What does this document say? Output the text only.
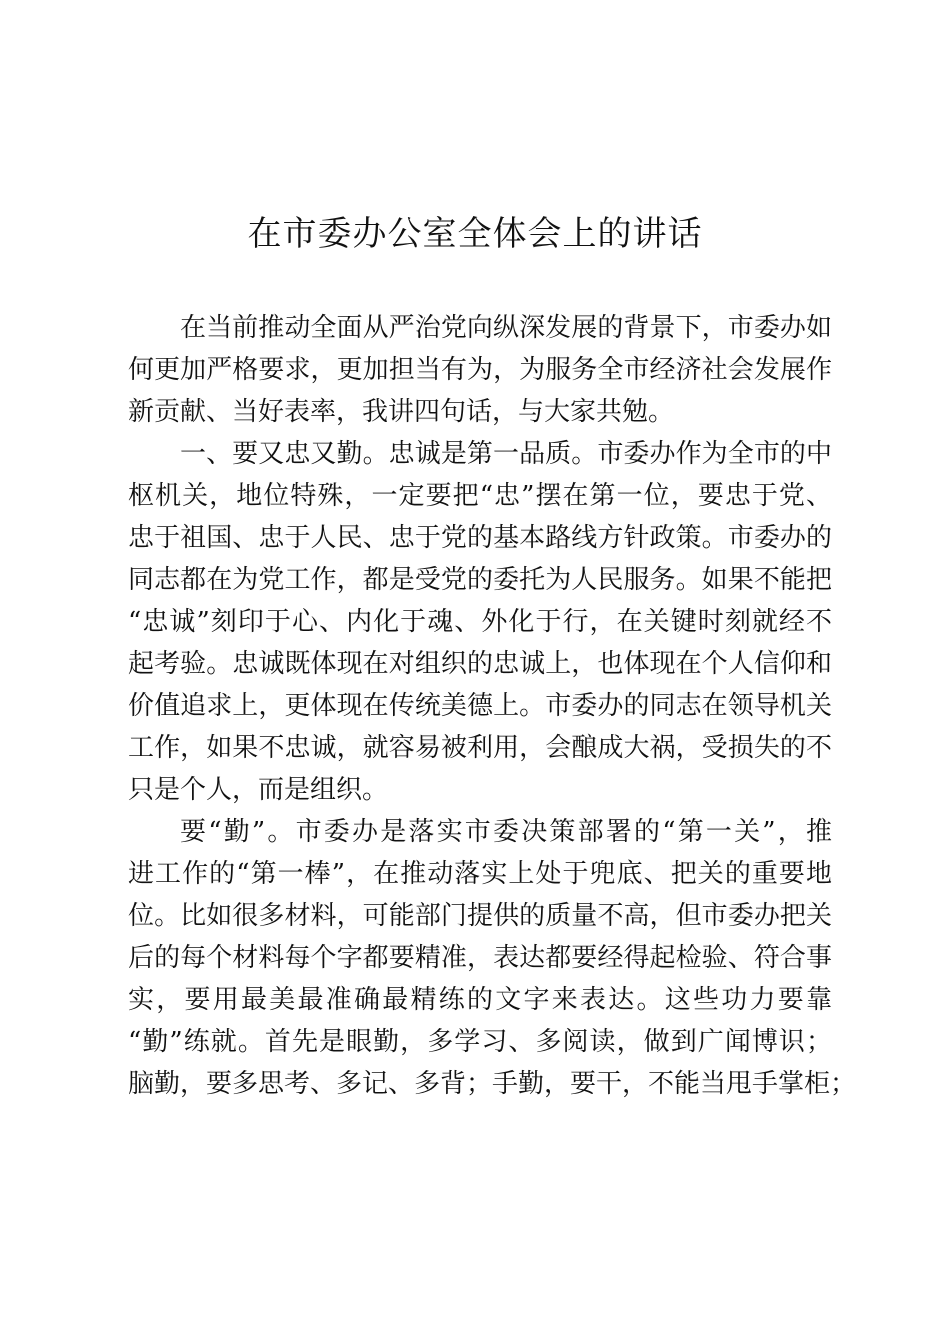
在市委办公室全体会上的讲话
在当前推动全面从严治党向纵深发展的背景下，市委办如
何更加严格要求，更加担当有为，为服务全市经济社会发展作
新贡献、当好表率，我讲四句话，与大家共勉。
一、要又忠又勤。忠诚是第一品质。市委办作为全市的中
枢机关，地位特殊，一定要把“忠”摆在第一位，要忠于党、
忠于祖国、忠于人民、忠于党的基本路线方针政策。市委办的
同志都在为党工作，都是受党的委托为人民服务。如果不能把
“忠诚”刻印于心、内化于魂、外化于行，在关键时刻就经不
起考验。忠诚既体现在对组织的忠诚上，也体现在个人信仰和
价值追求上，更体现在传统美德上。市委办的同志在领导机关
工作，如果不忠诚，就容易被利用，会酿成大祸，受损失的不
只是个人，而是组织。
要“勤”。市委办是落实市委决策部署的“第一关”，推
进工作的“第一棒”，在推动落实上处于兜底、把关的重要地
位。比如很多材料，可能部门提供的质量不高，但市委办把关
后的每个材料每个字都要精准，表达都要经得起检验、符合事
实，要用最美最准确最精练的文字来表达。这些功力要靠
“勤”练就。首先是眼勤，多学习、多阅读，做到广闻博识；
脑勤，要多思考、多记、多背；手勤，要干，不能当甩手掌柜；
